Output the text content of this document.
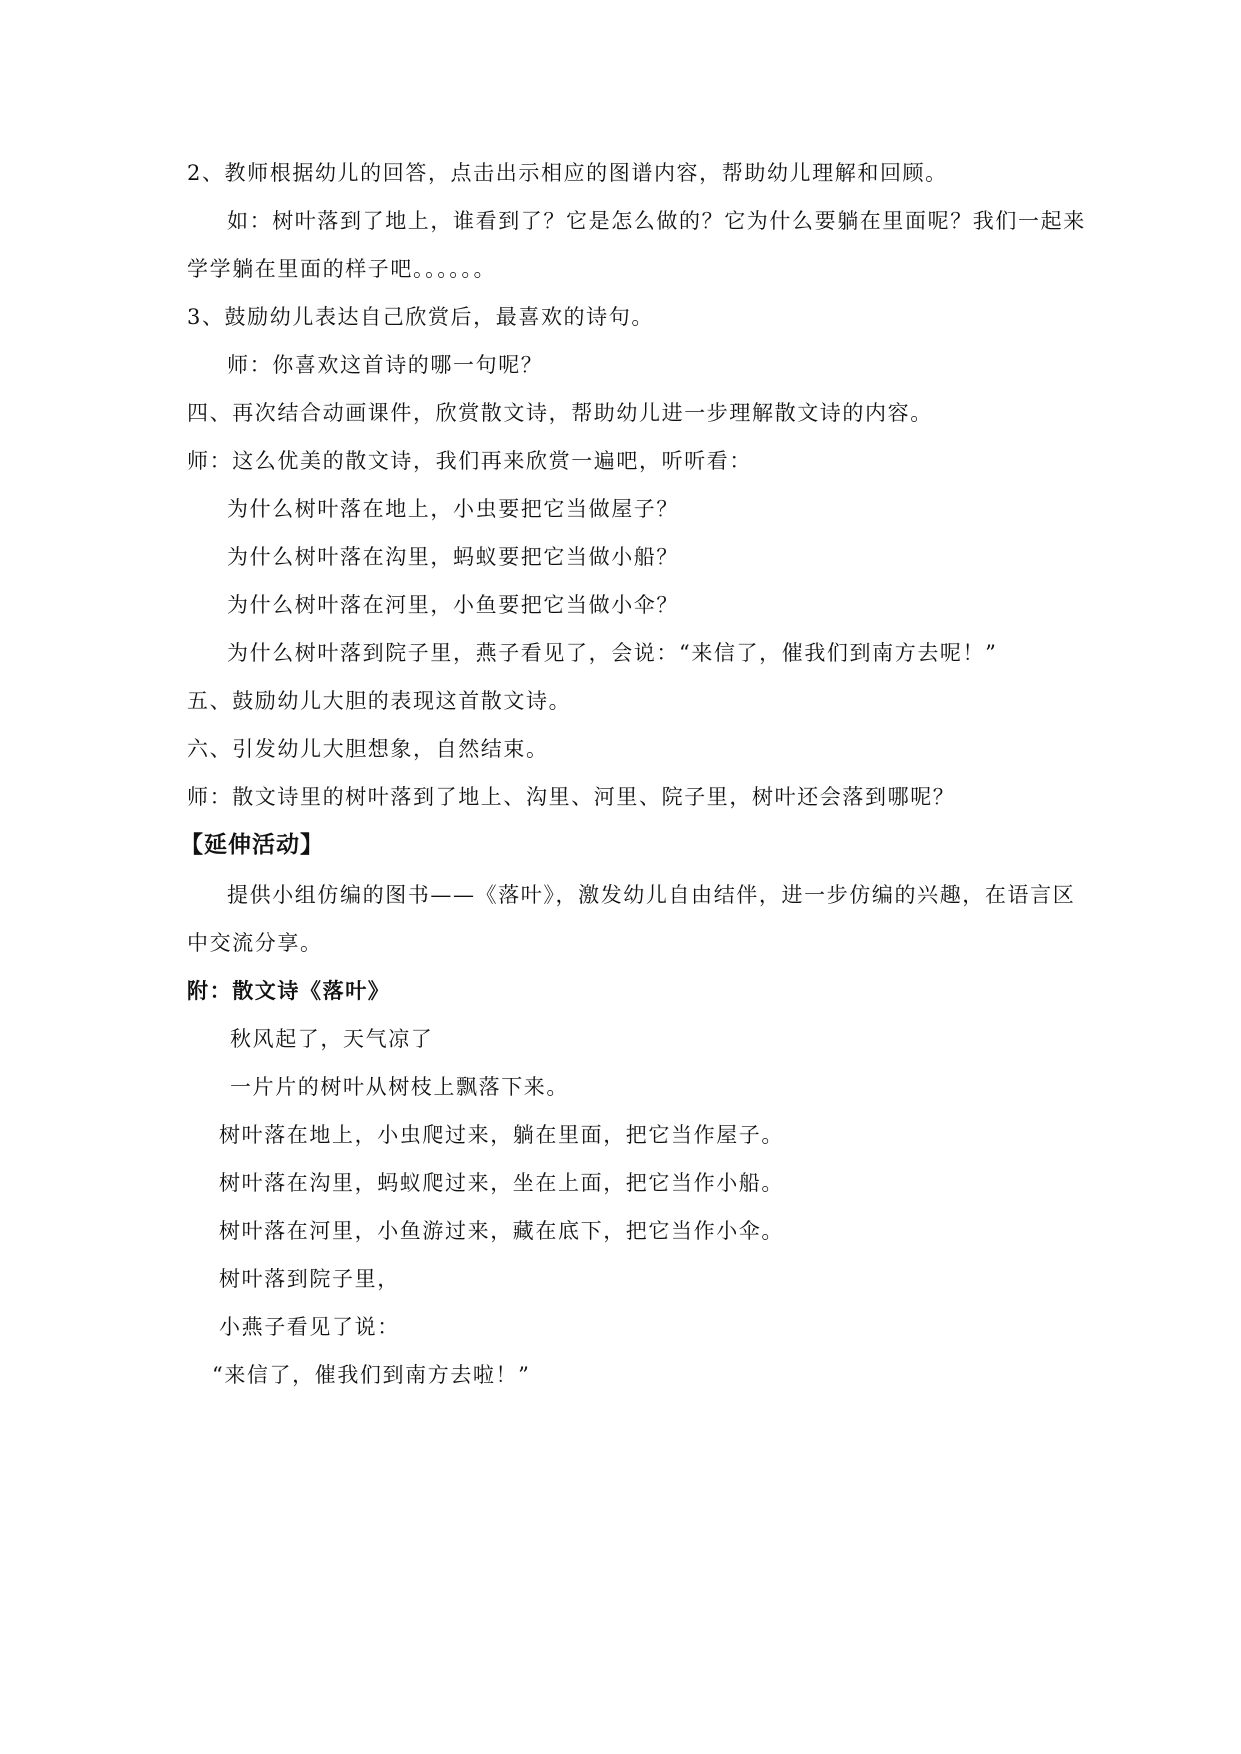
2、教师根据幼儿的回答，点击出示相应的图谱内容，帮助幼儿理解和回顾。

如：树叶落到了地上，谁看到了？它是怎么做的？它为什么要躺在里面呢？我们一起来

学学躺在里面的样子吧。。。。。。

3、鼓励幼儿表达自己欣赏后，最喜欢的诗句。

师：你喜欢这首诗的哪一句呢？

四、再次结合动画课件，欣赏散文诗，帮助幼儿进一步理解散文诗的内容。

师：这么优美的散文诗，我们再来欣赏一遍吧，听听看：

为什么树叶落在地上，小虫要把它当做屋子？

为什么树叶落在沟里，蚂蚁要把它当做小船？

为什么树叶落在河里，小鱼要把它当做小伞？

为什么树叶落到院子里，燕子看见了，会说：“来信了，催我们到南方去呢！”

五、鼓励幼儿大胆的表现这首散文诗。

六、引发幼儿大胆想象，自然结束。

师：散文诗里的树叶落到了地上、沟里、河里、院子里，树叶还会落到哪呢？

【延伸活动】

提供小组仿编的图书——《落叶》，激发幼儿自由结伴，进一步仿编的兴趣，在语言区

中交流分享。

附：散文诗《落叶》

秋风起了，天气凉了

一片片的树叶从树枝上飘落下来。

树叶落在地上，小虫爬过来，躺在里面，把它当作屋子。

树叶落在沟里，蚂蚁爬过来，坐在上面，把它当作小船。

树叶落在河里，小鱼游过来，藏在底下，把它当作小伞。

树叶落到院子里，

小燕子看见了说：

“来信了，催我们到南方去啦！”
